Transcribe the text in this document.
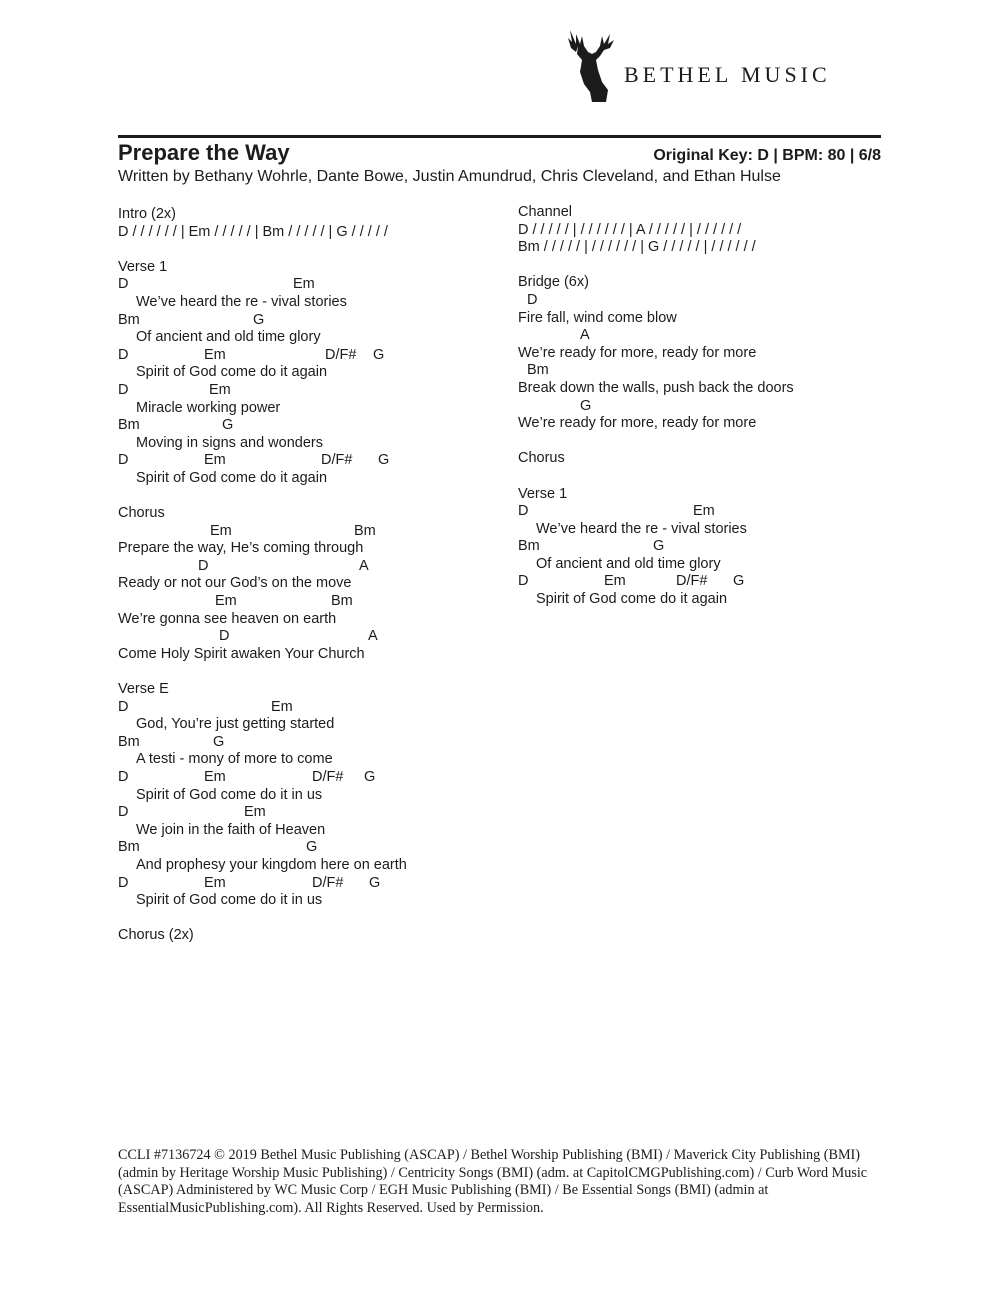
BETHEL MUSIC
Prepare the Way	Original Key: D | BPM: 80 | 6/8
Written by Bethany Wohrle, Dante Bowe, Justin Amundrud, Chris Cleveland, and Ethan Hulse
Intro (2x)
D / / / / / / | Em / / / / / | Bm / / / / / | G / / / / /
Verse 1
D	Em
We’ve heard the re - vival stories
Bm	G
Of ancient and old time glory
D	Em	D/F# G
Spirit of God come do it again
D	Em
Miracle working power
Bm	G
Moving in signs and wonders
D	Em	D/F# G
Spirit of God come do it again
Chorus
Em	Bm
Prepare the way, He’s coming through
D	A
Ready or not our God’s on the move
Em	Bm
We’re gonna see heaven on earth
D	A
Come Holy Spirit awaken Your Church
Verse E
D	Em
God, You’re just getting started
Bm	G
A testi - mony of more to come
D	Em	D/F# G
Spirit of God come do it in us
D	Em
We join in the faith of Heaven
Bm	G
And prophesy your kingdom here on earth
D	Em	D/F# G
Spirit of God come do it in us
Chorus (2x)
Channel
D / / / / / | / / / / / / | A / / / / / | / / / / / /
Bm / / / / / | / / / / / / | G / / / / / | / / / / / /
Bridge (6x)
D
Fire fall, wind come blow
A
We’re ready for more, ready for more
Bm
Break down the walls, push back the doors
G
We’re ready for more, ready for more
Chorus
Verse 1
D	Em
We’ve heard the re - vival stories
Bm	G
Of ancient and old time glory
D	Em	D/F# G
Spirit of God come do it again
CCLI #7136724 © 2019 Bethel Music Publishing (ASCAP) / Bethel Worship Publishing (BMI) / Maverick City Publishing (BMI) (admin by Heritage Worship Music Publishing) / Centricity Songs (BMI) (adm. at CapitolCMGPublishing.com) / Curb Word Music (ASCAP) Administered by WC Music Corp / EGH Music Publishing (BMI) / Be Essential Songs (BMI) (admin at EssentialMusicPublishing.com). All Rights Reserved. Used by Permission.
